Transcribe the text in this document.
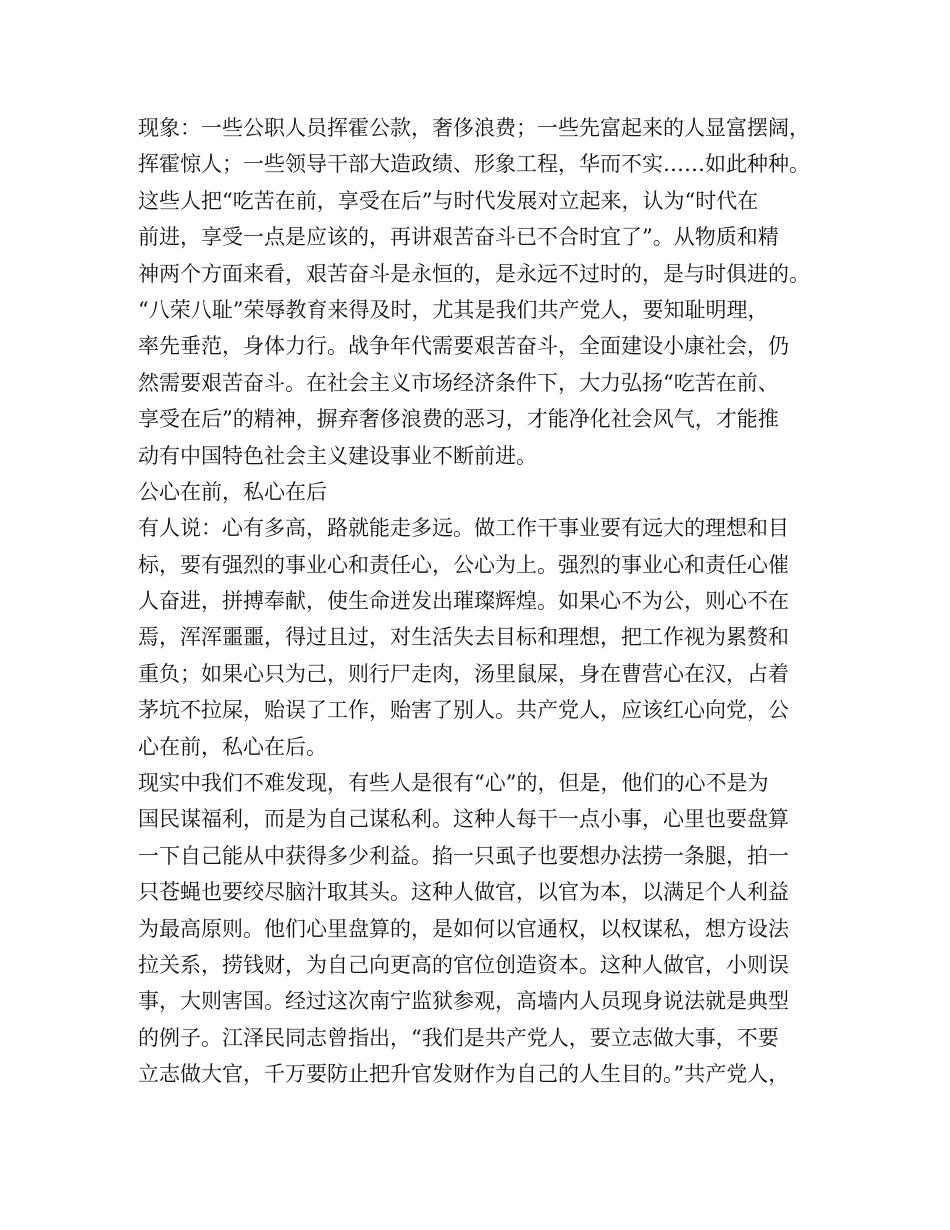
现象：一些公职人员挥霍公款，奢侈浪费；一些先富起来的人显富摆阔，
挥霍惊人；一些领导干部大造政绩、形象工程，华而不实……如此种种。
这些人把“吃苦在前，享受在后”与时代发展对立起来，认为“时代在
前进，享受一点是应该的，再讲艰苦奋斗已不合时宜了”。从物质和精
神两个方面来看，艰苦奋斗是永恒的，是永远不过时的，是与时俱进的。
“八荣八耻”荣辱教育来得及时，尤其是我们共产党人，要知耻明理，
率先垂范，身体力行。战争年代需要艰苦奋斗，全面建设小康社会，仍
然需要艰苦奋斗。在社会主义市场经济条件下，大力弘扬“吃苦在前、
享受在后”的精神，摒弃奢侈浪费的恶习，才能净化社会风气，才能推
动有中国特色社会主义建设事业不断前进。
公心在前，私心在后
有人说：心有多高，路就能走多远。做工作干事业要有远大的理想和目
标，要有强烈的事业心和责任心，公心为上。强烈的事业心和责任心催
人奋进，拼搏奉献，使生命迸发出璀璨辉煌。如果心不为公，则心不在
焉，浑浑噩噩，得过且过，对生活失去目标和理想，把工作视为累赘和
重负；如果心只为己，则行尸走肉，汤里鼠屎，身在曹营心在汉，占着
茅坑不拉屎，贻误了工作，贻害了别人。共产党人，应该红心向党，公
心在前，私心在后。
现实中我们不难发现，有些人是很有“心”的，但是，他们的心不是为
国民谋福利，而是为自己谋私利。这种人每干一点小事，心里也要盘算
一下自己能从中获得多少利益。掐一只虱子也要想办法捞一条腿，拍一
只苍蝇也要绞尽脑汁取其头。这种人做官，以官为本，以满足个人利益
为最高原则。他们心里盘算的，是如何以官通权，以权谋私，想方设法
拉关系，捞钱财，为自己向更高的官位创造资本。这种人做官，小则误
事，大则害国。经过这次南宁监狱参观，高墙内人员现身说法就是典型
的例子。江泽民同志曾指出，“我们是共产党人，要立志做大事，不要
立志做大官，千万要防止把升官发财作为自己的人生目的。”共产党人，
